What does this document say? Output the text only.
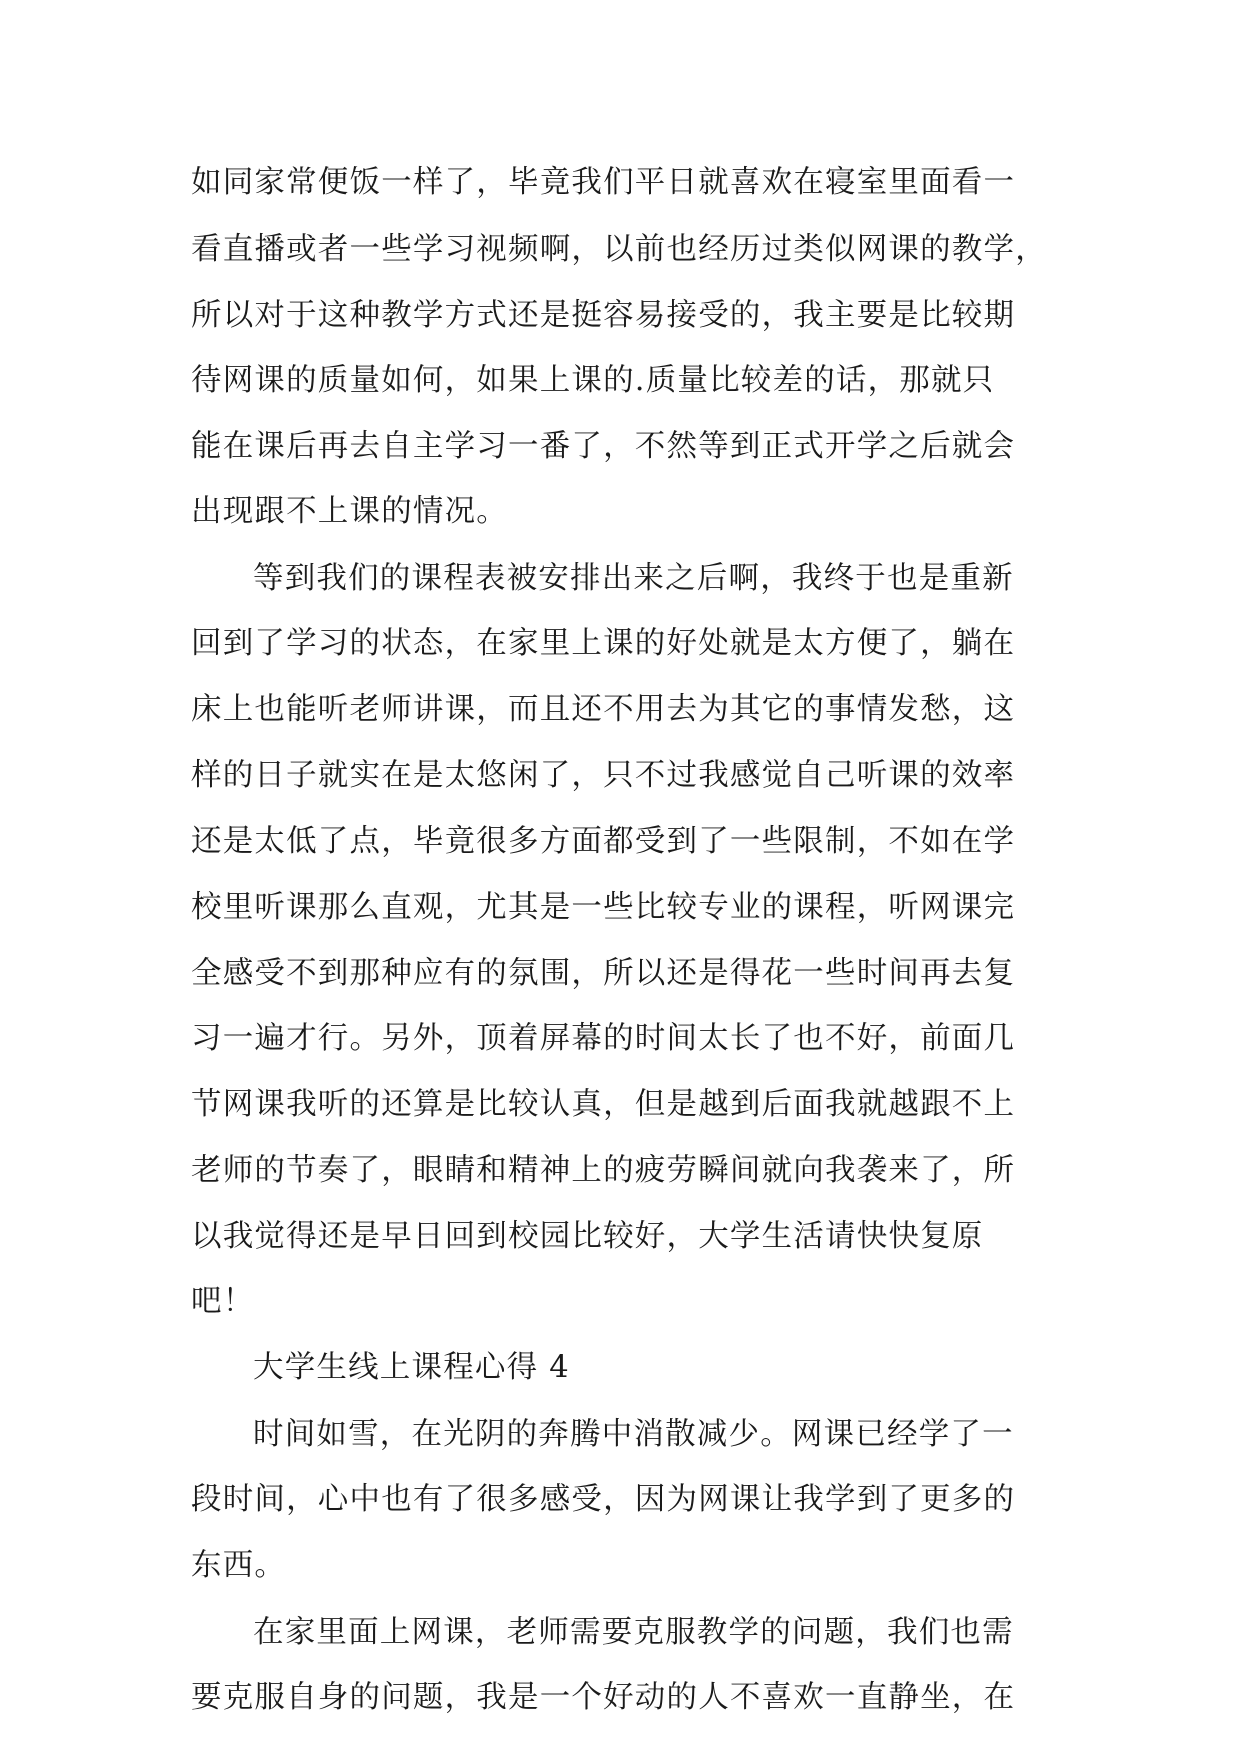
如同家常便饭一样了，毕竟我们平日就喜欢在寝室里面看一
看直播或者一些学习视频啊，以前也经历过类似网课的教学，
所以对于这种教学方式还是挺容易接受的，我主要是比较期
待网课的质量如何，如果上课的.质量比较差的话，那就只
能在课后再去自主学习一番了，不然等到正式开学之后就会
出现跟不上课的情况。
等到我们的课程表被安排出来之后啊，我终于也是重新
回到了学习的状态，在家里上课的好处就是太方便了，躺在
床上也能听老师讲课，而且还不用去为其它的事情发愁，这
样的日子就实在是太悠闲了，只不过我感觉自己听课的效率
还是太低了点，毕竟很多方面都受到了一些限制，不如在学
校里听课那么直观，尤其是一些比较专业的课程，听网课完
全感受不到那种应有的氛围，所以还是得花一些时间再去复
习一遍才行。另外，顶着屏幕的时间太长了也不好，前面几
节网课我听的还算是比较认真，但是越到后面我就越跟不上
老师的节奏了，眼睛和精神上的疲劳瞬间就向我袭来了，所
以我觉得还是早日回到校园比较好，大学生活请快快复原
吧！
大学生线上课程心得 4
时间如雪，在光阴的奔腾中消散减少。网课已经学了一
段时间，心中也有了很多感受，因为网课让我学到了更多的
东西。
在家里面上网课，老师需要克服教学的问题，我们也需
要克服自身的问题，我是一个好动的人不喜欢一直静坐，在
